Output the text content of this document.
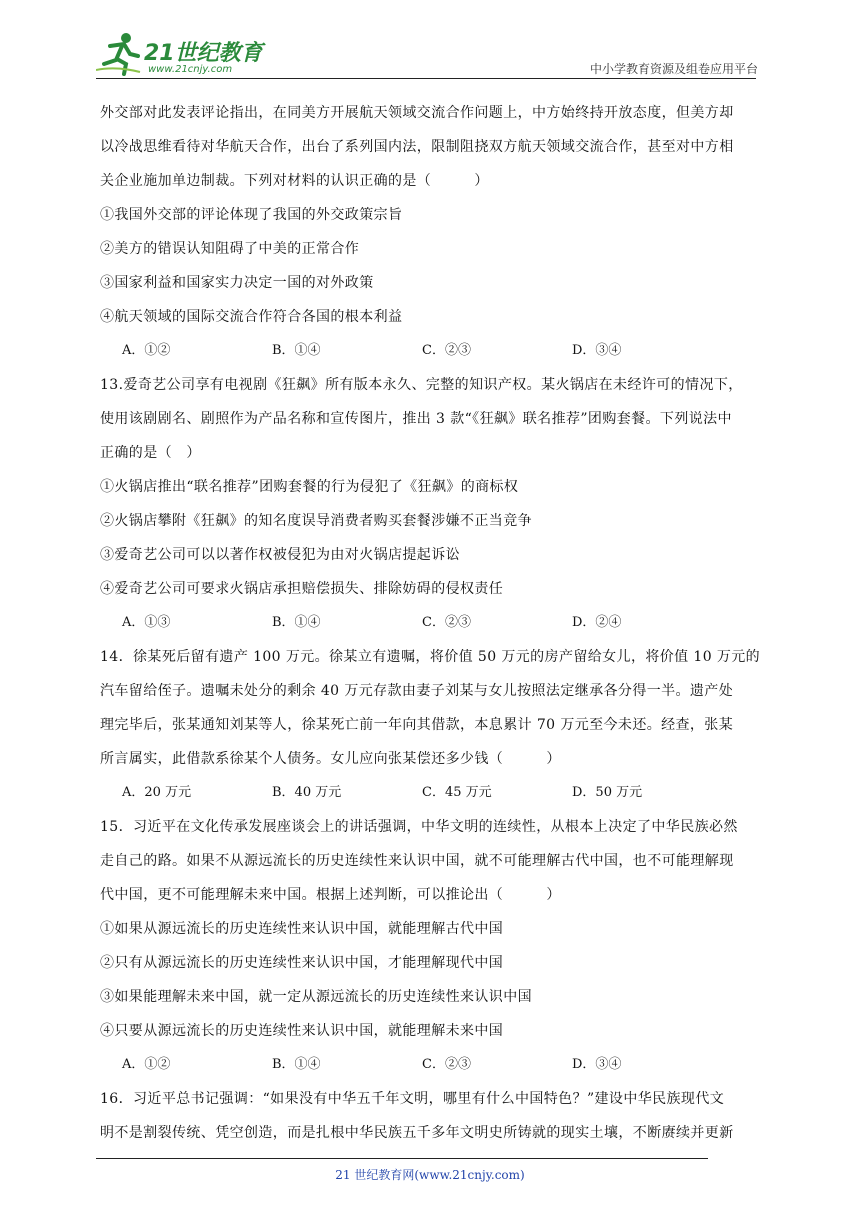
21世纪教育
www.21cnjy.com	中小学教育资源及组卷应用平台
外交部对此发表评论指出，在同美方开展航天领域交流合作问题上，中方始终持开放态度，但美方却
以冷战思维看待对华航天合作，出台了系列国内法，限制阻挠双方航天领域交流合作，甚至对中方相
关企业施加单边制裁。下列对材料的认识正确的是（　　　）
①我国外交部的评论体现了我国的外交政策宗旨
②美方的错误认知阻碍了中美的正常合作
③国家利益和国家实力决定一国的对外政策
④航天领域的国际交流合作符合各国的根本利益
A．①②	B．①④	C．②③	D．③④
13.爱奇艺公司享有电视剧《狂飙》所有版本永久、完整的知识产权。某火锅店在未经许可的情况下，
使用该剧剧名、剧照作为产品名称和宣传图片，推出 3 款“《狂飙》联名推荐”团购套餐。下列说法中
正确的是（　）
①火锅店推出“联名推荐”团购套餐的行为侵犯了《狂飙》的商标权
②火锅店攀附《狂飙》的知名度误导消费者购买套餐涉嫌不正当竞争
③爱奇艺公司可以以著作权被侵犯为由对火锅店提起诉讼
④爱奇艺公司可要求火锅店承担赔偿损失、排除妨碍的侵权责任
A．①③	B．①④	C．②③	D．②④
14．徐某死后留有遗产 100 万元。徐某立有遗嘱，将价值 50 万元的房产留给女儿，将价值 10 万元的
汽车留给侄子。遗嘱未处分的剩余 40 万元存款由妻子刘某与女儿按照法定继承各分得一半。遗产处
理完毕后，张某通知刘某等人，徐某死亡前一年向其借款，本息累计 70 万元至今未还。经查，张某
所言属实，此借款系徐某个人债务。女儿应向张某偿还多少钱（　　　）
A．20 万元	B．40 万元	C．45 万元	D．50 万元
15．习近平在文化传承发展座谈会上的讲话强调，中华文明的连续性，从根本上决定了中华民族必然
走自己的路。如果不从源远流长的历史连续性来认识中国，就不可能理解古代中国，也不可能理解现
代中国，更不可能理解未来中国。根据上述判断，可以推论出（　　　）
①如果从源远流长的历史连续性来认识中国，就能理解古代中国
②只有从源远流长的历史连续性来认识中国，才能理解现代中国
③如果能理解未来中国，就一定从源远流长的历史连续性来认识中国
④只要从源远流长的历史连续性来认识中国，就能理解未来中国
A．①②	B．①④	C．②③	D．③④
16．习近平总书记强调：“如果没有中华五千年文明，哪里有什么中国特色？”建设中华民族现代文
明不是割裂传统、凭空创造，而是扎根中华民族五千多年文明史所铸就的现实土壤，不断赓续并更新
21 世纪教育网(www.21cnjy.com)
